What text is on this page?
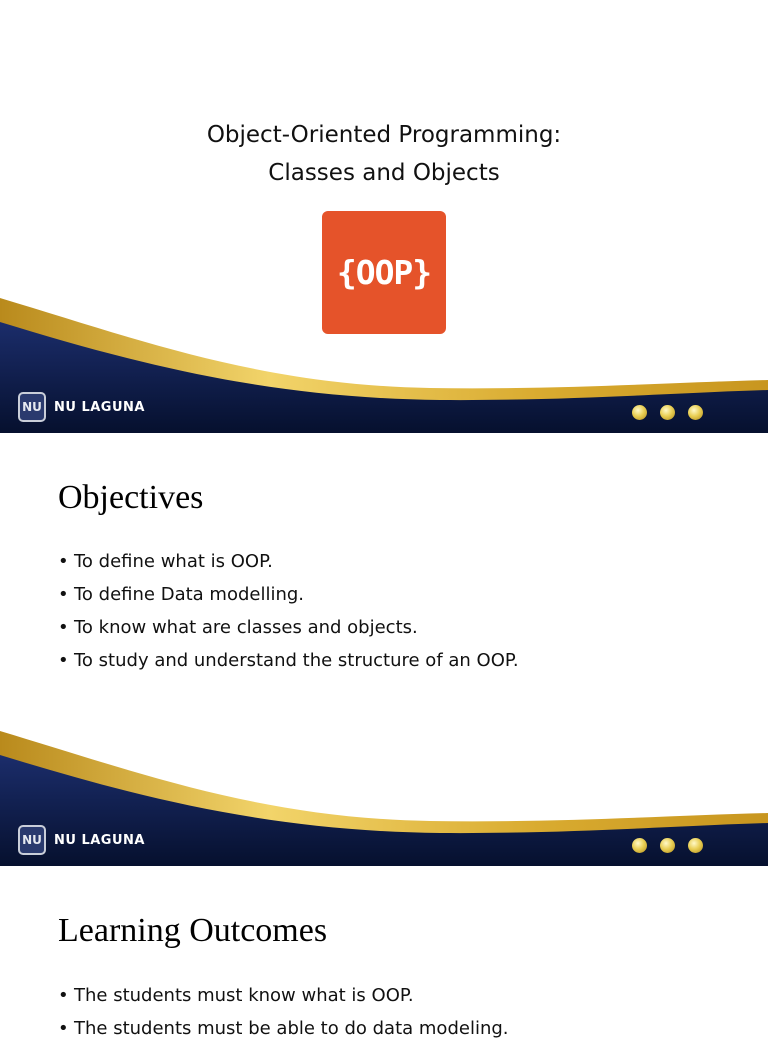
Object-Oriented Programming:
Classes and Objects
{OOP}
NU NU LAGUNA
Objectives
• To define what is OOP.
• To define Data modelling.
• To know what are classes and objects.
• To study and understand the structure of an OOP.
NU NU LAGUNA
Learning Outcomes
• The students must know what is OOP.
• The students must be able to do data modeling.
